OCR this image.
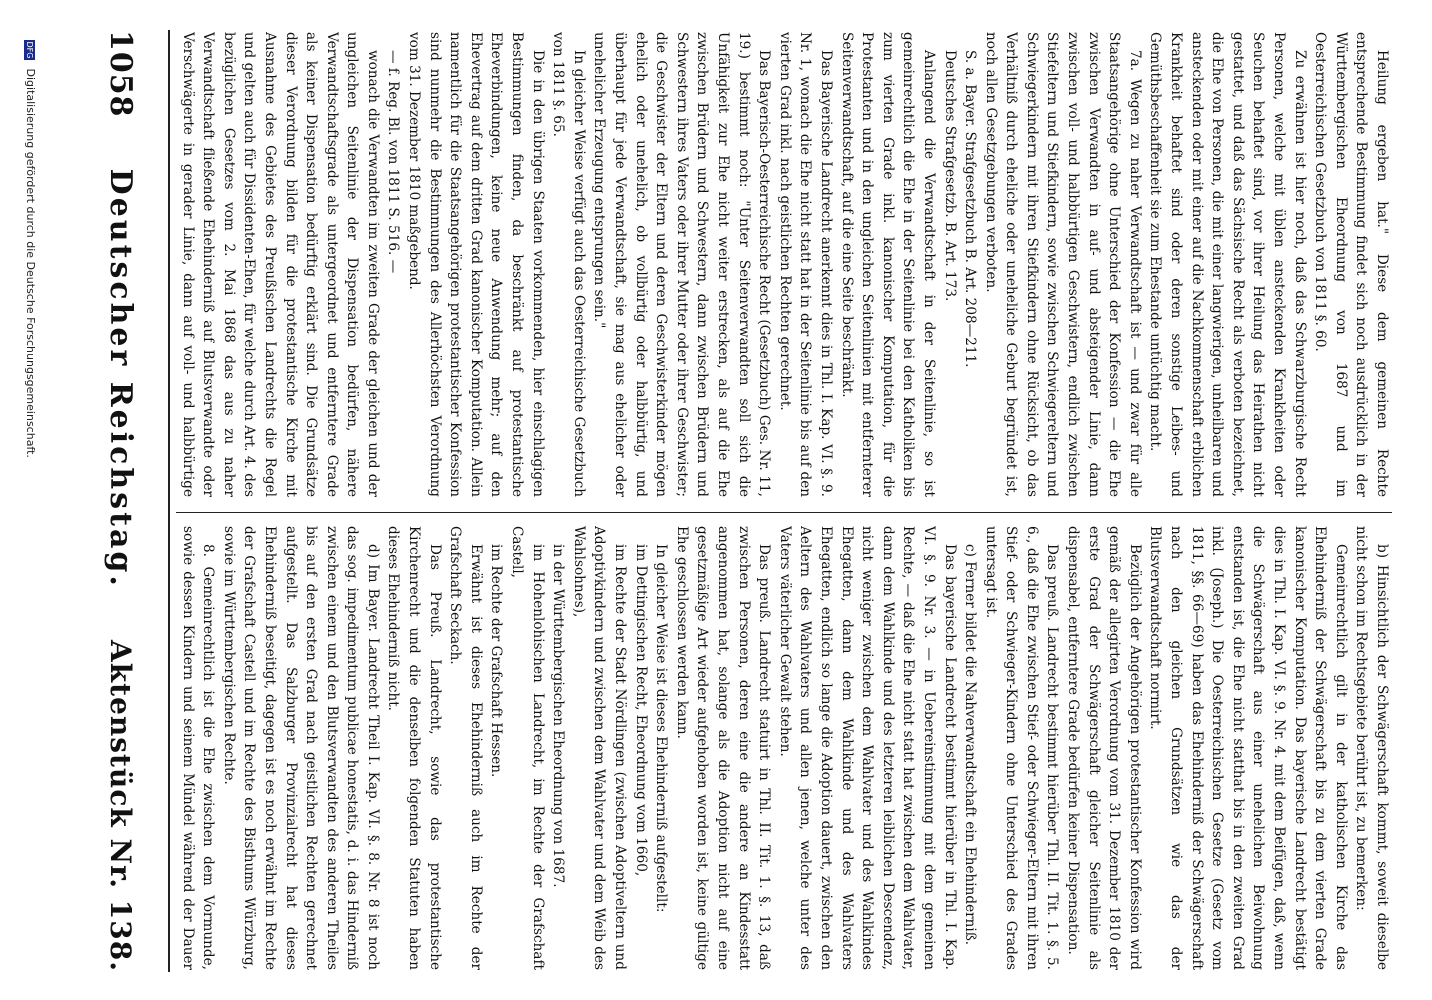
Heilung ergeben hat." Diese dem gemeinen Rechte entsprechende Bestimmung findet sich noch ausdrücklich in der Württembergischen Eheordnung von 1687 und im Oesterreichischen Gesetzbuch von 1811 §. 60.

Zu erwähnen ist hier noch, daß das Schwarzburgische Recht Personen, welche mit üblen ansteckenden Krankheiten oder Seuchen behaftet sind, vor ihrer Heilung das Heirathen nicht gestattet, und daß das Sächsische Recht als verboten bezeichnet, die Ehe von Personen, die mit einer langwierigen, unheilbaren und ansteckenden oder mit einer auf die Nachkommenschaft erblichen Krankheit behaftet sind oder deren sonstige Leibes- und Gemüthsbeschaffenheit sie zum Ehestande untüchtig macht.

7a. Wegen zu naher Verwandtschaft ist — und zwar für alle Staatsangehörige ohne Unterschied der Konfession — die Ehe zwischen Verwandten in auf- und absteigender Linie, dann zwischen voll- und halbbürtigen Geschwistern, endlich zwischen Stiefeltern und Stiefkindern, sowie zwischen Schwiegereltern und Schwiegerkindern mit ihren Stiefkindern ohne Rücksicht, ob das Verhältniß durch eheliche oder uneheliche Geburt begründet ist, noch allen Gesetzgebungen verboten.

S. a. Bayer. Strafgesetzbuch B. Art. 208—211.

Deutsches Strafgesetzb. B. Art. 173.

Anlangend die Verwandtschaft in der Seitenlinie, so ist gemeinrechtlich die Ehe in der Seitenlinie bei den Katholiken bis zum vierten Grade inkl. kanonischer Komputation, für die Protestanten und in den ungleichen Seitenlinien mit entfernterer Seitenverwandtschaft, auf die eine Seite beschränkt.

Das Bayerische Landrecht anerkennt dies in Thl. I. Kap. VI. §. 9. Nr. 1, wonach die Ehe nicht statt hat in der Seitenlinie bis auf den vierten Grad inkl. nach geistlichen Rechten gerechnet.

Das Bayerisch-Oesterreichische Recht (Gesetzbuch) Ges. Nr. 11, 19.) bestimmt noch: "Unter Seitenverwandten soll sich die Unfähigkeit zur Ehe nicht weiter erstrecken, als auf die Ehe zwischen Brüdern und Schwestern, dann zwischen Brüdern und Schwestern ihres Vaters oder ihrer Mutter oder ihrer Geschwister; die Geschwister der Eltern und deren Geschwisterkinder mögen ehelich oder unehelich, ob vollbürtig oder halbbürtig, und überhaupt für jede Verwandtschaft, sie mag aus ehelicher oder unehelicher Erzeugung entsprungen sein."

In gleicher Weise verfügt auch das Oesterreichische Gesetzbuch von 1811 §. 65.

Die in den übrigen Staaten vorkommenden, hier einschlagigen Bestimmungen finden, da beschränkt auf protestantische Eheverbindungen, keine neue Anwendung mehr; auf den Ehevertrag auf dem dritten Grad kanonischer Komputation. Allein namentlich für die Staatsangehörigen protestantischer Konfession sind nunmehr die Bestimmungen des Allerhöchsten Verordnung vom 31. Dezember 1810 maßgebend.

— f. Reg. Bl. von 1811 S. 516. —

wonach die Verwandten im zweiten Grade der gleichen und der ungleichen Seitenlinie der Dispensation bedürfen, nähere Verwandtschaftsgrade als untergeordnet und entferntere Grade als keiner Dispensation bedürftig erklärt sind. Die Grundsätze dieser Verordnung bilden für die protestantische Kirche mit Ausnahme des Gebietes des Preußischen Landrechts die Regel und gelten auch für Dissidenten-Ehen, für welche durch Art. 4. des bezüglichen Gesetzes vom 2. Mai 1868 das aus zu naher Verwandtschaft fließende Ehehinderniß auf Blutsverwandte oder Verschwägerte in gerader Linie, dann auf voll- und halbbürtige

b) Hinsichtlich der Schwägerschaft kommt, soweit dieselbe nicht schon im Rechtsgebiete berührt ist, zu bemerken:

Gemeinrechtlich gilt in der katholischen Kirche das Ehehinderniß der Schwägerschaft bis zu dem vierten Grade kanonischer Komputation. Das bayerische Landrecht bestätigt dies in Thl. I. Kap. VI. §. 9. Nr. 4. mit dem Beifügen, daß, wenn die Schwägerschaft aus einer unehelichen Beiwohnung entstanden ist, die Ehe nicht statthat bis in den zweiten Grad inkl. (Joseph.) Die Oesterreichischen Gesetze (Gesetz vom 1811, §§. 66—69) haben das Ehehinderniß der Schwägerschaft nach den gleichen Grundsätzen wie das der Blutsverwandtschaft normirt.

Bezüglich der Angehörigen protestantischer Konfession wird gemäß der allegirten Verordnung vom 31. Dezember 1810 der erste Grad der Schwägerschaft gleicher Seitenlinie als dispensabel, entferntere Grade bedürfen keiner Dispensation.

Das preuß. Landrecht bestimmt hierüber Thl. II. Tit. 1. §. 5. 6., daß die Ehe zwischen Stief- oder Schwieger-Eltern mit ihren Stief- oder Schwieger-Kindern ohne Unterschied des Grades untersagt ist.

c) Ferner bildet die Nahverwandtschaft ein Ehehinderniß.

Das bayerische Landrecht bestimmt hierüber in Thl. I. Kap. VI. §. 9. Nr. 3. — in Uebereinstimmung mit dem gemeinen Rechte, — daß die Ehe nicht statt hat zwischen dem Wahlvater, dann dem Wahlkinde und des letzteren leiblichen Descendenz, nicht weniger zwischen dem Wahlvater und des Wahlkindes Ehegatten, dann dem Wahlkinde und des Wahlvaters Ehegatten, endlich so lange die Adoption dauert, zwischen den Aeltern des Wahlvaters und allen jenen, welche unter des Vaters väterlicher Gewalt stehen.

Das preuß. Landrecht statuirt in Thl. II. Tit. 1. §. 13, daß zwischen Personen, deren eine die andere an Kindesstatt angenommen hat, solange als die Adoption nicht auf eine gesetzmäßige Art wieder aufgehoben worden ist, keine gültige Ehe geschlossen werden kann.

In gleicher Weise ist dieses Ehehinderniß aufgestellt:

im Dettingischen Recht, Eheordnung vom 1660,

im Rechte der Stadt Nördlingen (zwischen Adoptiveltern und Adoptivkindern und zwischen dem Wahlvater und dem Weib des Wahlsohnes),

in der Württembergischen Eheordnung von 1687.

im Hohenlohischen Landrecht, im Rechte der Grafschaft Castell,

im Rechte der Grafschaft Hessen.

Erwähnt ist dieses Ehehinderniß auch im Rechte der Grafschaft Seckach.

Das Preuß. Landrecht, sowie das protestantische Kirchenrecht und die denselben folgenden Statuten haben dieses Ehehinderniß nicht.

d) Im Bayer. Landrecht Theil I. Kap. VI. §. 8. Nr. 8 ist noch das sog. impedimentum publicae honestatis, d. i. das Hinderniß zwischen einem und den Blutsverwandten des anderen Theiles bis auf den ersten Grad nach geistlichen Rechten gerechnet aufgestellt. Das Salzburger Provinzialrecht hat dieses Ehehinderniß beseitigt, dagegen ist es noch erwähnt im Rechte der Grafschaft Castell und im Rechte des Bisthums Würzburg, sowie im Württembergischen Rechte.

8. Gemeinrechtlich ist die Ehe zwischen dem Vormunde, sowie dessen Kindern und seinem Mündel während der Dauer

1058
Deutscher Reichstag.
Aktenstück Nr. 138.
DFG Digitalisierung gefördert durch die Deutsche Forschungsgemeinschaft.
